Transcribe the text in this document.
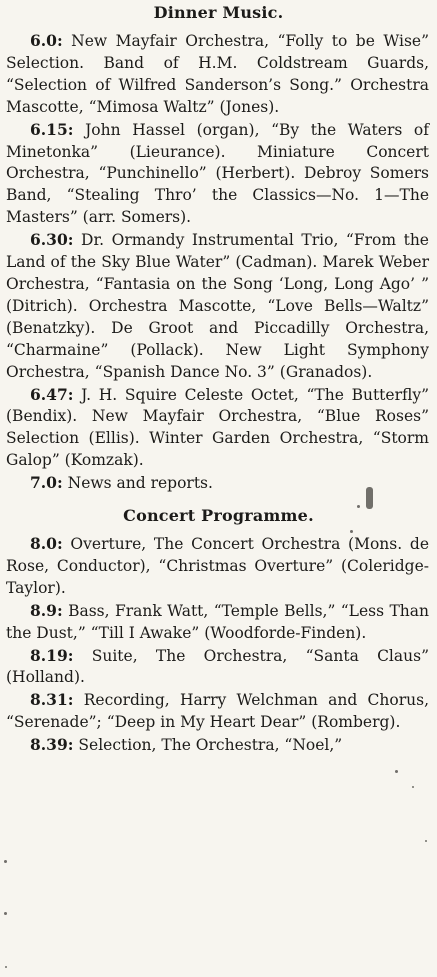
Dinner Music.

6.0: New Mayfair Orchestra, “Folly to be Wise” Selection. Band of H.M. Coldstream Guards, “Selection of Wilfred Sanderson’s Song.” Orchestra Mascotte, “Mimosa Waltz” (Jones).

6.15: John Hassel (organ), “By the Waters of Minetonka” (Lieurance). Miniature Concert Orchestra, “Punchinello” (Herbert). Debroy Somers Band, “Stealing Thro’ the Classics—No. 1—The Masters” (arr. Somers).

6.30: Dr. Ormandy Instrumental Trio, “From the Land of the Sky Blue Water” (Cadman). Marek Weber Orchestra, “Fantasia on the Song ‘Long, Long Ago’ ” (Ditrich). Orchestra Mascotte, “Love Bells—Waltz” (Benatzky). De Groot and Piccadilly Orchestra, “Charmaine” (Pollack). New Light Symphony Orchestra, “Spanish Dance No. 3” (Granados).

6.47: J. H. Squire Celeste Octet, “The Butterfly” (Bendix). New Mayfair Orchestra, “Blue Roses” Selection (Ellis). Winter Garden Orchestra, “Storm Galop” (Komzak).

7.0: News and reports.

Concert Programme.

8.0: Overture, The Concert Orchestra (Mons. de Rose, Conductor), “Christmas Overture” (Coleridge-Taylor).

8.9: Bass, Frank Watt, “Temple Bells,” “Less Than the Dust,” “Till I Awake” (Woodforde-Finden).

8.19: Suite, The Orchestra, “Santa Claus” (Holland).

8.31: Recording, Harry Welchman and Chorus, “Serenade”; “Deep in My Heart Dear” (Romberg).

8.39: Selection, The Orchestra, “Noel,”
